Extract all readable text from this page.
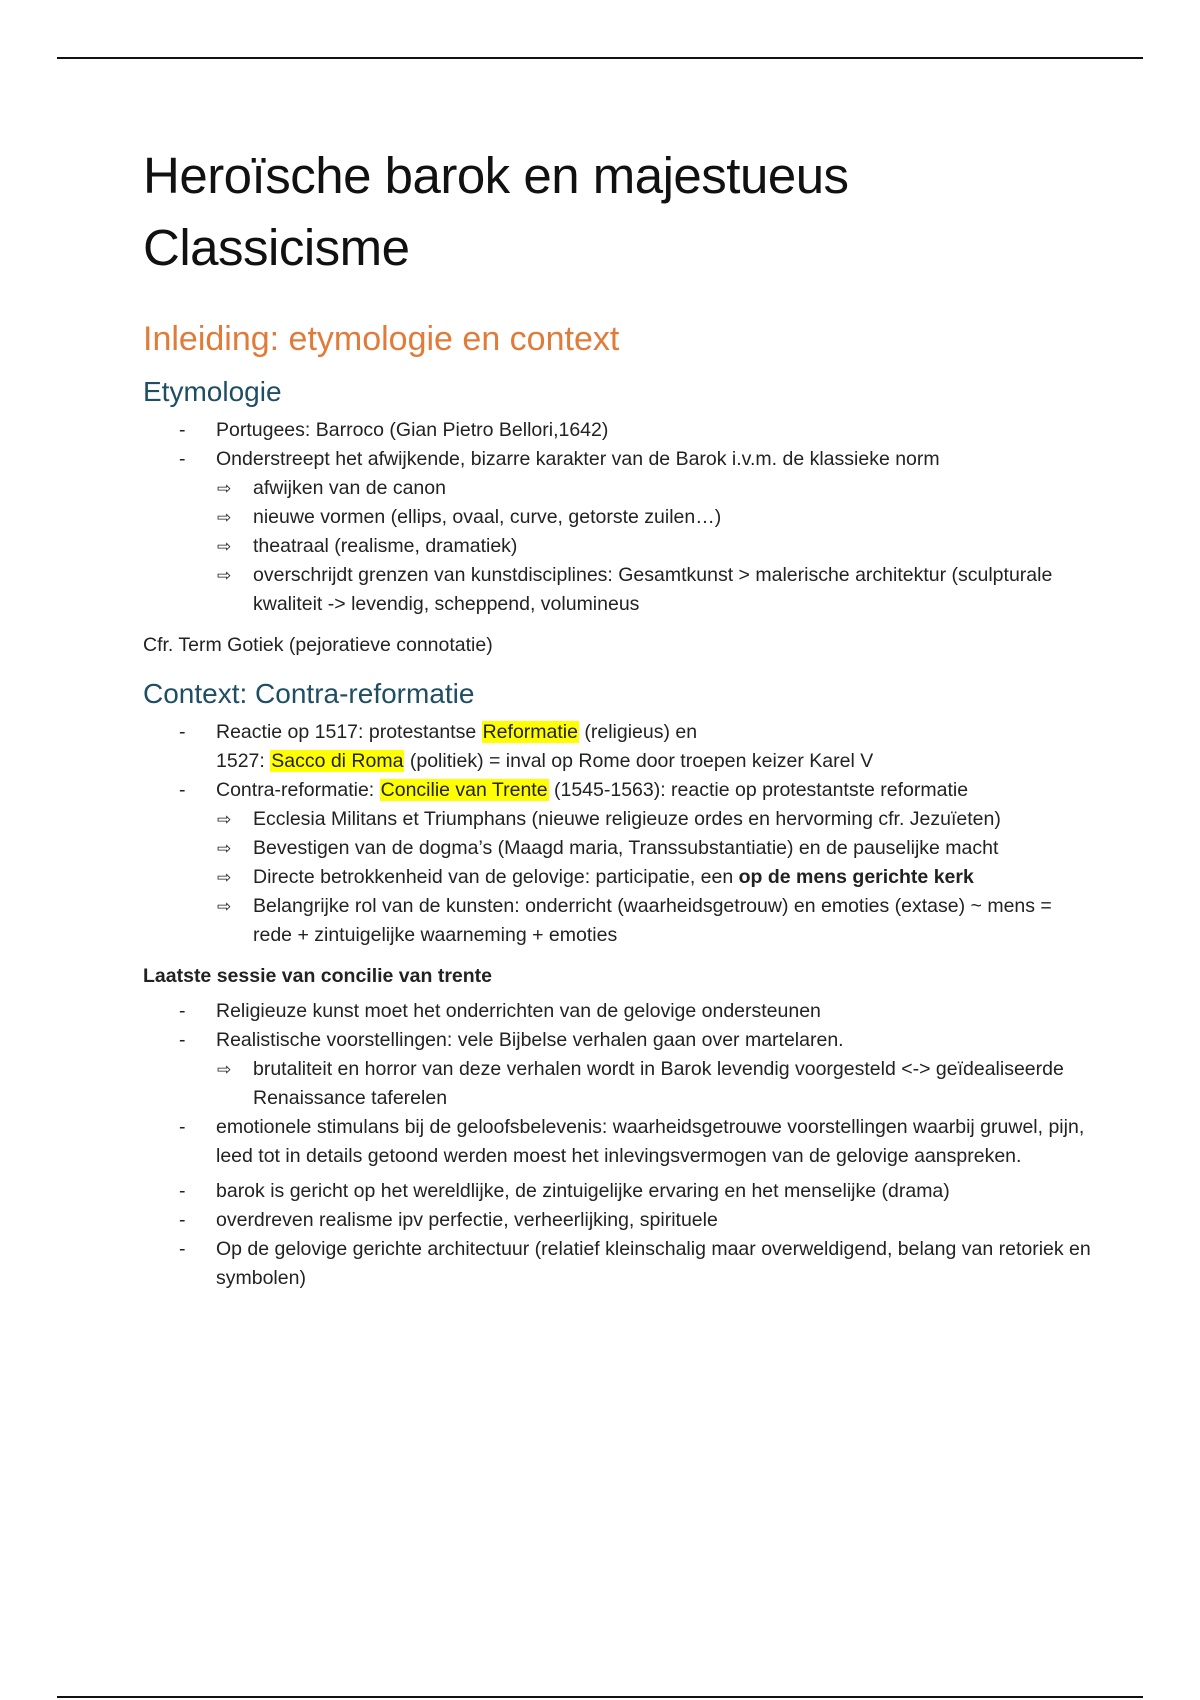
Heroïsche barok en majestueus
Classicisme
Inleiding: etymologie en context
Etymologie
- Portugees: Barroco (Gian Pietro Bellori,1642)
- Onderstreept het afwijkende, bizarre karakter van de Barok i.v.m. de klassieke norm
⇨ afwijken van de canon
⇨ nieuwe vormen (ellips, ovaal, curve, getorste zuilen…)
⇨ theatraal (realisme, dramatiek)
⇨ overschrijdt grenzen van kunstdisciplines: Gesamtkunst > malerische architektur (sculpturale kwaliteit -> levendig, scheppend, volumineus

Cfr. Term Gotiek (pejoratieve connotatie)

Context: Contra-reformatie
- Reactie op 1517: protestantse Reformatie (religieus) en
1527: Sacco di Roma (politiek) = inval op Rome door troepen keizer Karel V
- Contra-reformatie: Concilie van Trente (1545-1563): reactie op protestantste reformatie
⇨ Ecclesia Militans et Triumphans (nieuwe religieuze ordes en hervorming cfr. Jezuïeten)
⇨ Bevestigen van de dogma’s (Maagd maria, Transsubstantiatie) en de pauselijke macht
⇨ Directe betrokkenheid van de gelovige: participatie, een op de mens gerichte kerk
⇨ Belangrijke rol van de kunsten: onderricht (waarheidsgetrouw) en emoties (extase) ~ mens = rede + zintuigelijke waarneming + emoties

Laatste sessie van concilie van trente

- Religieuze kunst moet het onderrichten van de gelovige ondersteunen
- Realistische voorstellingen: vele Bijbelse verhalen gaan over martelaren.
⇨ brutaliteit en horror van deze verhalen wordt in Barok levendig voorgesteld <-> geïdealiseerde Renaissance taferelen
- emotionele stimulans bij de geloofsbelevenis: waarheidsgetrouwe voorstellingen waarbij gruwel, pijn, leed tot in details getoond werden moest het inlevingsvermogen van de gelovige aanspreken.
- barok is gericht op het wereldlijke, de zintuigelijke ervaring en het menselijke (drama)
- overdreven realisme ipv perfectie, verheerlijking, spirituele
- Op de gelovige gerichte architectuur (relatief kleinschalig maar overweldigend, belang van retoriek en symbolen)
